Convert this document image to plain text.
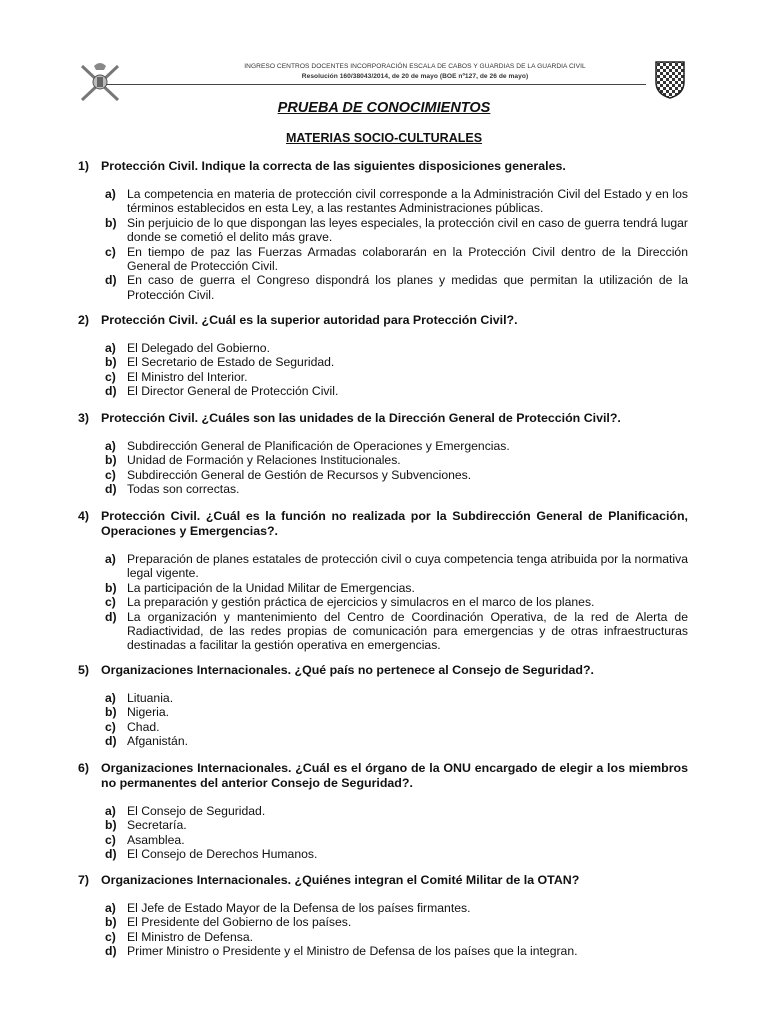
INGRESO CENTROS DOCENTES INCORPORACIÓN ESCALA DE CABOS Y GUARDIAS DE LA GUARDIA CIVIL
Resolución 160/38043/2014, de 20 de mayo (BOE nº127, de 26 de mayo)
PRUEBA DE CONOCIMIENTOS
MATERIAS SOCIO-CULTURALES
1) Protección Civil. Indique la correcta de las siguientes disposiciones generales.
a) La competencia en materia de protección civil corresponde a la Administración Civil del Estado y en los términos establecidos en esta Ley, a las restantes Administraciones públicas.
b) Sin perjuicio de lo que dispongan las leyes especiales, la protección civil en caso de guerra tendrá lugar donde se cometió el delito más grave.
c) En tiempo de paz las Fuerzas Armadas colaborarán en la Protección Civil dentro de la Dirección General de Protección Civil.
d) En caso de guerra el Congreso dispondrá los planes y medidas que permitan la utilización de la Protección Civil.
2) Protección Civil. ¿Cuál es la superior autoridad para Protección Civil?.
a) El Delegado del Gobierno.
b) El Secretario de Estado de Seguridad.
c) El Ministro del Interior.
d) El Director General de Protección Civil.
3) Protección Civil. ¿Cuáles son las unidades de la Dirección General de Protección Civil?.
a) Subdirección General de Planificación de Operaciones y Emergencias.
b) Unidad de Formación y Relaciones Institucionales.
c) Subdirección General de Gestión de Recursos y Subvenciones.
d) Todas son correctas.
4) Protección Civil. ¿Cuál es la función no realizada por la Subdirección General de Planificación, Operaciones y Emergencias?.
a) Preparación de planes estatales de protección civil o cuya competencia tenga atribuida por la normativa legal vigente.
b) La participación de la Unidad Militar de Emergencias.
c) La preparación y gestión práctica de ejercicios y simulacros en el marco de los planes.
d) La organización y mantenimiento del Centro de Coordinación Operativa, de la red de Alerta de Radiactividad, de las redes propias de comunicación para emergencias y de otras infraestructuras destinadas a facilitar la gestión operativa en emergencias.
5) Organizaciones Internacionales. ¿Qué país no pertenece al Consejo de Seguridad?.
a) Lituania.
b) Nigeria.
c) Chad.
d) Afganistán.
6) Organizaciones Internacionales. ¿Cuál es el órgano de la ONU encargado de elegir a los miembros no permanentes del anterior Consejo de Seguridad?.
a) El Consejo de Seguridad.
b) Secretaría.
c) Asamblea.
d) El Consejo de Derechos Humanos.
7) Organizaciones Internacionales. ¿Quiénes integran el Comité Militar de la OTAN?
a) El Jefe de Estado Mayor de la Defensa de los países firmantes.
b) El Presidente del Gobierno de los países.
c) El Ministro de Defensa.
d) Primer Ministro o Presidente y el Ministro de Defensa de los países que la integran.
